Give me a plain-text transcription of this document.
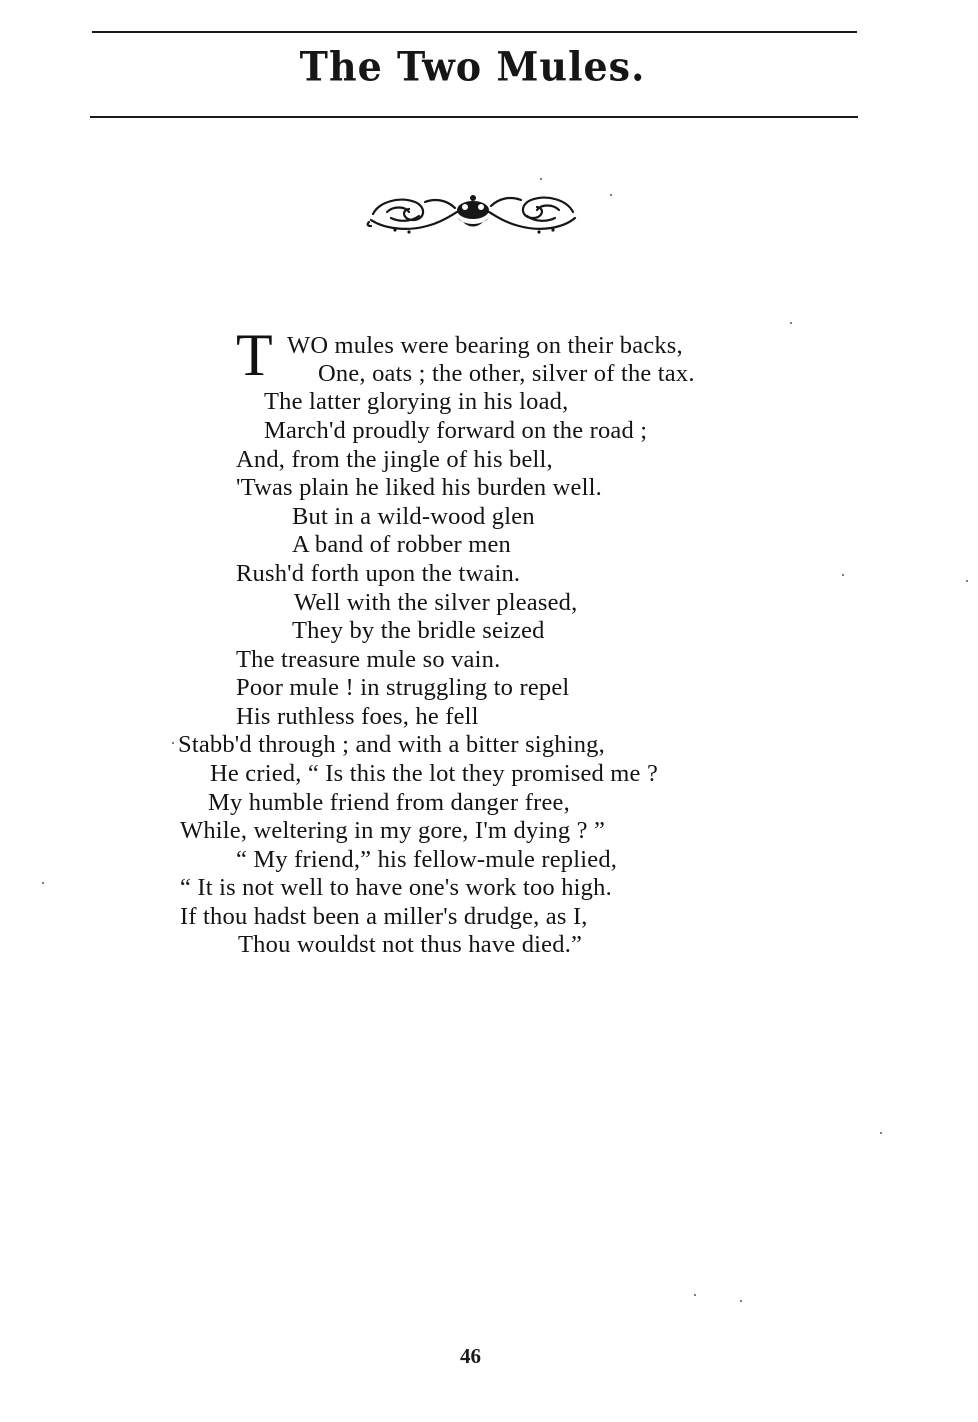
The Two Mules.
T WO mules were bearing on their backs,
One, oats ; the other, silver of the tax.
The latter glorying in his load,
March'd proudly forward on the road ;
And, from the jingle of his bell,
'Twas plain he liked his burden well.
But in a wild-wood glen
A band of robber men
Rush'd forth upon the twain.
Well with the silver pleased,
They by the bridle seized
The treasure mule so vain.
Poor mule ! in struggling to repel
His ruthless foes, he fell
Stabb'd through ; and with a bitter sighing,
He cried, “ Is this the lot they promised me ?
My humble friend from danger free,
While, weltering in my gore, I'm dying ? ”
“ My friend,” his fellow-mule replied,
“ It is not well to have one's work too high.
If thou hadst been a miller's drudge, as I,
Thou wouldst not thus have died.”
46
